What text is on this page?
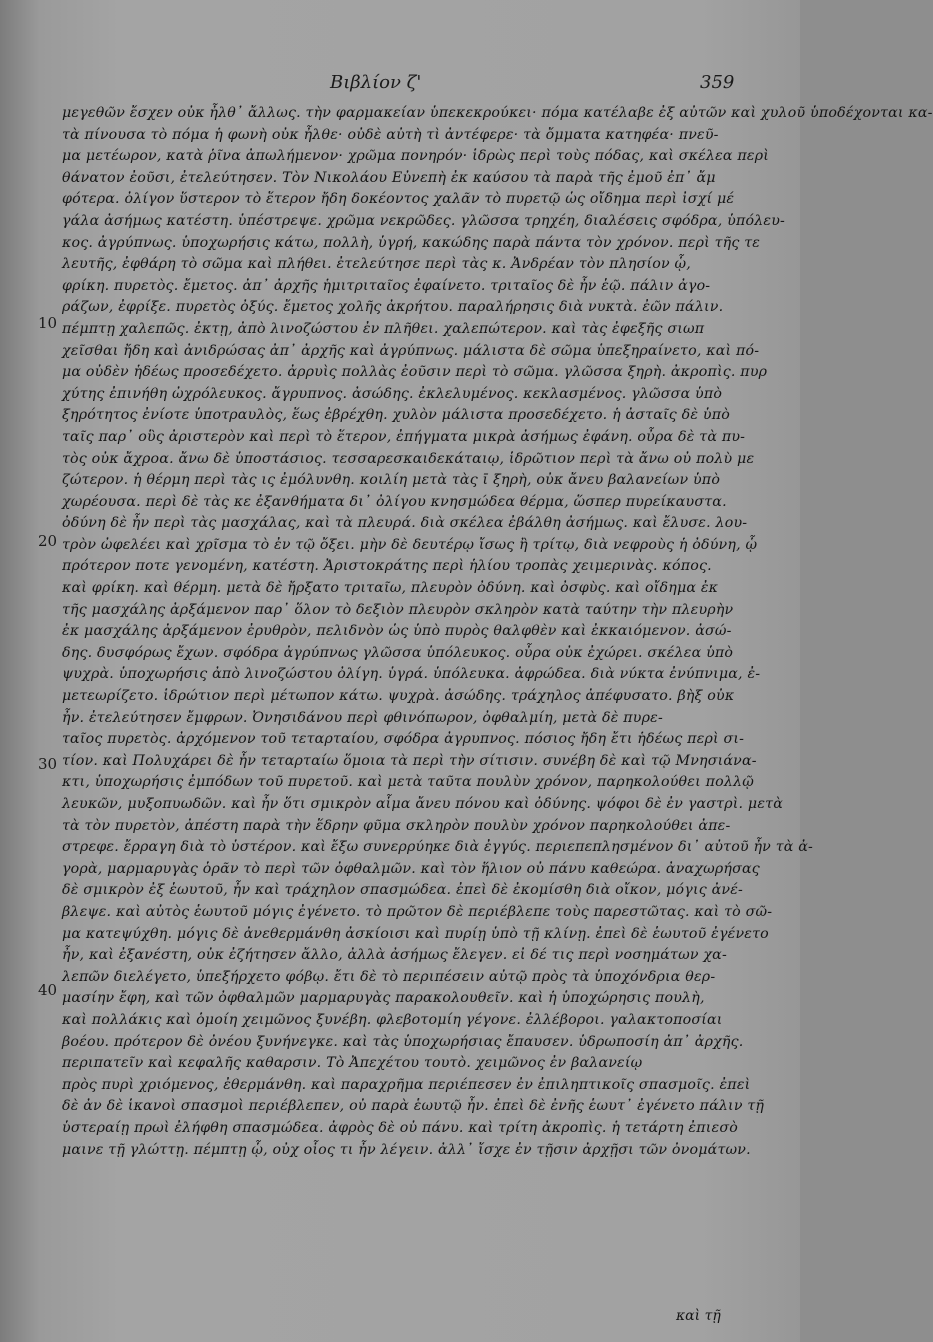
Βιβλίον ζ'	359
10
20
30
40
μεγεθῶν ἔσχεν οὐκ ἦλθ᾽ ἄλλως. τὴν φαρμακείαν ὑπεκεκρούκει· πόμα κατέλαβε ἐξ αὐτῶν καὶ χυλοῦ ὑποδέχονται κα-
τὰ πίνουσα τὸ πόμα ἡ φωνὴ οὐκ ἦλθε· οὐδὲ αὐτὴ τὶ ἀντέφερε· τὰ ὄμματα κατηφέα· πνεῦ-
μα μετέωρον, κατὰ ῥῖνα ἀπωλήμενον· χρῶμα πονηρόν· ἱδρὼς περὶ τοὺς πόδας, καὶ σκέλεα περὶ
θάνατον ἐοῦσι, ἐτελεύτησεν. Τὸν Νικολάου Εὐνεπὴ ἐκ καύσου τὰ παρὰ τῆς ἐμοῦ ἐπ᾽ ἄμ
φότερα. ὀλίγον ὕστερον τὸ ἕτερον ἤδη δοκέοντος χαλᾶν τὸ πυρετῷ ὡς οἴδημα περὶ ἰσχί μέ
γάλα ἀσήμως κατέστη. ὑπέστρεψε. χρῶμα νεκρῶδες. γλῶσσα τρηχέη, διαλέσεις σφόδρα, ὑπόλευ-
κος. ἀγρύπνως. ὑποχωρήσις κάτω, πολλὴ, ὑγρή, κακώδης παρὰ πάντα τὸν χρόνον. περὶ τῆς τε
λευτῆς, ἐφθάρη τὸ σῶμα καὶ πλήθει. ἐτελεύτησε περὶ τὰς κ. Ἀνδρέαν τὸν πλησίον ᾧ,
φρίκη. πυρετὸς. ἔμετος. ἀπ᾽ ἀρχῆς ἡμιτριταῖος ἐφαίνετο. τριταῖος δὲ ἦν ἑῷ. πάλιν ἀγο-
ράζων, ἐφρίξε. πυρετὸς ὀξύς. ἔμετος χολῆς ἀκρήτου. παραλήρησις διὰ νυκτὰ. ἐῶν πάλιν.
πέμπτῃ χαλεπῶς. ἐκτῃ, ἀπὸ λινοζώστου ἐν πλῆθει. χαλεπώτερον. καὶ τὰς ἐφεξῆς σιωπ
χεῖσθαι ἤδη καὶ ἀνιδρώσας ἀπ᾽ ἀρχῆς καὶ ἀγρύπνως. μάλιστα δὲ σῶμα ὑπεξηραίνετο, καὶ πό-
μα οὐδὲν ἡδέως προσεδέχετο. ἀρρυὶς πολλὰς ἐοῦσιν περὶ τὸ σῶμα. γλῶσσα ξηρὴ. ἀκροπὶς. πυρ
χύτης ἐπινήθη ὠχρόλευκος. ἄγρυπνος. ἀσώδης. ἐκλελυμένος. κεκλασμένος. γλῶσσα ὑπὸ
ξηρότητος ἐνίοτε ὑποτραυλὸς, ἕως ἐβρέχθη. χυλὸν μάλιστα προσεδέχετο. ἡ ἀσταῖς δὲ ὑπὸ
ταῖς παρ᾽ οὓς ἀριστερὸν καὶ περὶ τὸ ἕτερον, ἐπήγματα μικρὰ ἀσήμως ἐφάνη. οὖρα δὲ τὰ πυ-
τὸς οὐκ ἄχροα. ἄνω δὲ ὑποστάσιος. τεσσαρεσκαιδεκάταιῳ, ἱδρῶτιον περὶ τὰ ἄνω οὐ πολὺ με
ζώτερον. ἡ θέρμη περὶ τὰς ις ἐμόλυνθη. κοιλίη μετὰ τὰς ῑ ξηρὴ, οὐκ ἄνευ βαλανείων ὑπὸ
χωρέουσα. περὶ δὲ τὰς κε ἐξανθήματα δι᾽ ὀλίγου κνησμώδεα θέρμα, ὥσπερ πυρείκαυστα.
ὀδύνη δὲ ἦν περὶ τὰς μασχάλας, καὶ τὰ πλευρά. διὰ σκέλεα ἐβάλθη ἀσήμως. καὶ ἔλυσε. λου-
τρὸν ὠφελέει καὶ χρῖσμα τὸ ἐν τῷ ὄξει. μὴν δὲ δευτέρῳ ἴσως ἢ τρίτῳ, διὰ νεφροὺς ἡ ὀδύνη, ᾧ
πρότερον ποτε γενομένη, κατέστη. Ἀριστοκράτης περὶ ἡλίου τροπὰς χειμερινὰς. κόπος.
καὶ φρίκη. καὶ θέρμη. μετὰ δὲ ἤρξατο τριταῖω, πλευρὸν ὀδύνη. καὶ ὀσφὺς. καὶ οἴδημα ἐκ
τῆς μασχάλης ἀρξάμενον παρ᾽ ὅλον τὸ δεξιὸν πλευρὸν σκληρὸν κατὰ ταύτην τὴν πλευρὴν
ἐκ μασχάλης ἀρξάμενον ἐρυθρὸν, πελιδνὸν ὡς ὑπὸ πυρὸς θαλφθὲν καὶ ἐκκαιόμενον. ἀσώ-
δης. δυσφόρως ἔχων. σφόδρα ἀγρύπνως γλῶσσα ὑπόλευκος. οὖρα οὐκ ἐχώρει. σκέλεα ὑπὸ
ψυχρὰ. ὑποχωρήσις ἀπὸ λινοζώστου ὀλίγη. ὑγρά. ὑπόλευκα. ἀφρώδεα. διὰ νύκτα ἐνύπνιμα, ἐ-
μετεωρίζετο. ἱδρώτιον περὶ μέτωπον κάτω. ψυχρὰ. ἀσώδης. τράχηλος ἀπέφυσατο. βὴξ οὐκ
ἦν. ἐτελεύτησεν ἔμφρων. Ὀνησιδάνου περὶ φθινόπωρον, ὀφθαλμίη, μετὰ δὲ πυρε-
ταῖος πυρετὸς. ἀρχόμενον τοῦ τεταρταίου, σφόδρα ἀγρυπνος. πόσιος ἤδη ἔτι ἡδέως περὶ σι-
τίον. καὶ Πολυχάρει δὲ ἦν τεταρταίω ὅμοια τὰ περὶ τὴν σίτισιν. συνέβη δὲ καὶ τῷ Μνησιάνα-
κτι, ὑποχωρήσις ἐμπόδων τοῦ πυρετοῦ. καὶ μετὰ ταῦτα πουλὺν χρόνον, παρηκολούθει πολλῷ
λευκῶν, μυξοπυωδῶν. καὶ ἦν ὅτι σμικρὸν αἷμα ἄνευ πόνου καὶ ὀδύνης. ψόφοι δὲ ἐν γαστρὶ. μετὰ
τὰ τὸν πυρετὸν, ἀπέστη παρὰ τὴν ἕδρην φῦμα σκληρὸν πουλὺν χρόνον παρηκολούθει ἀπε-
στρεφε. ἔρραγη διὰ τὸ ὑστέρον. καὶ ἔξω συνερρύηκε διὰ ἐγγύς. περιεπεπλησμένον δι᾽ αὐτοῦ ἦν τὰ ἀ-
γορὰ, μαρμαρυγὰς ὁρᾶν τὸ περὶ τῶν ὀφθαλμῶν. καὶ τὸν ἥλιον οὐ πάνυ καθεώρα. ἀναχωρήσας
δὲ σμικρὸν ἐξ ἑωυτοῦ, ἦν καὶ τράχηλον σπασμώδεα. ἐπεὶ δὲ ἐκομίσθη διὰ οἴκον, μόγις ἀνέ-
βλεψε. καὶ αὐτὸς ἑωυτοῦ μόγις ἐγένετο. τὸ πρῶτον δὲ περιέβλεπε τοὺς παρεστῶτας. καὶ τὸ σῶ-
μα κατεψύχθη. μόγις δὲ ἀνεθερμάνθη ἀσκίοισι καὶ πυρίῃ ὑπὸ τῇ κλίνῃ. ἐπεὶ δὲ ἑωυτοῦ ἐγένετο
ἦν, καὶ ἐξανέστη, οὐκ ἐζήτησεν ἄλλο, ἀλλὰ ἀσήμως ἔλεγεν. εἰ δέ τις περὶ νοσημάτων χα-
λεπῶν διελέγετο, ὑπεξήρχετο φόβῳ. ἔτι δὲ τὸ περιπέσειν αὐτῷ πρὸς τὰ ὑποχόνδρια θερ-
μασίην ἔφη, καὶ τῶν ὀφθαλμῶν μαρμαρυγὰς παρακολουθεῖν. καὶ ἡ ὑποχώρησις πουλὴ,
καὶ πολλάκις καὶ ὁμοίη χειμῶνος ξυνέβη. φλεβοτομίη γέγονε. ἐλλέβοροι. γαλακτοποσίαι
βοέου. πρότερον δὲ ὀνέου ξυνήνεγκε. καὶ τὰς ὑποχωρήσιας ἔπαυσεν. ὑδρωποσίη ἀπ᾽ ἀρχῆς.
περιπατεῖν καὶ κεφαλῆς καθαρσιν. Τὸ Ἀπεχέτου τουτὸ. χειμῶνος ἐν βαλανείῳ
πρὸς πυρὶ χριόμενος, ἐθερμάνθη. καὶ παραχρῆμα περιέπεσεν ἐν ἐπιληπτικοῖς σπασμοῖς. ἐπεὶ
δὲ ἀν δὲ ἱκανοὶ σπασμοὶ περιέβλεπεν, οὐ παρὰ ἑωυτῷ ἦν. ἐπεὶ δὲ ἐνῆς ἑωυτ᾽ ἐγένετο πάλιν τῇ
ὑστεραίῃ πρωὶ ἐλήφθη σπασμώδεα. ἀφρὸς δὲ οὐ πάνυ. καὶ τρίτη ἀκροπὶς. ἡ τετάρτη ἐπιεσὸ
μαινε τῇ γλώττῃ. πέμπτῃ ᾧ, οὐχ οἷος τι ἦν λέγειν. ἀλλ᾽ ἴσχε ἐν τῇσιν ἀρχῇσι τῶν ὀνομάτων.
καὶ τῇ
